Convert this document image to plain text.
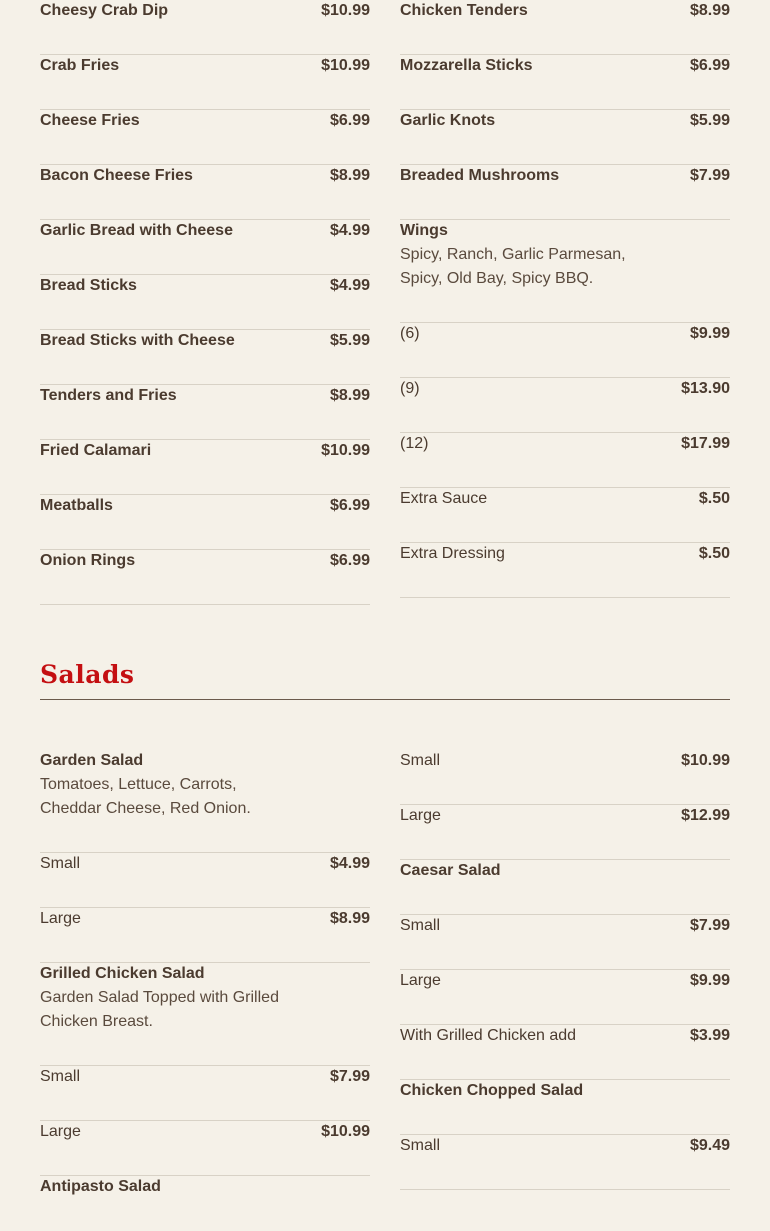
Cheesy Crab Dip	$10.99
Crab Fries	$10.99
Cheese Fries	$6.99
Bacon Cheese Fries	$8.99
Garlic Bread with Cheese	$4.99
Bread Sticks	$4.99
Bread Sticks with Cheese	$5.99
Tenders and Fries	$8.99
Fried Calamari	$10.99
Meatballs	$6.99
Onion Rings	$6.99
Chicken Tenders	$8.99
Mozzarella Sticks	$6.99
Garlic Knots	$5.99
Breaded Mushrooms	$7.99
Wings
Spicy, Ranch, Garlic Parmesan, Spicy, Old Bay, Spicy BBQ.
(6)	$9.99
(9)	$13.90
(12)	$17.99
Extra Sauce	$.50
Extra Dressing	$.50
Salads
Garden Salad
Tomatoes, Lettuce, Carrots, Cheddar Cheese, Red Onion.
Small	$4.99
Large	$8.99
Grilled Chicken Salad
Garden Salad Topped with Grilled Chicken Breast.
Small	$7.99
Large	$10.99
Antipasto Salad
Small	$10.99
Large	$12.99
Caesar Salad
Small	$7.99
Large	$9.99
With Grilled Chicken add	$3.99
Chicken Chopped Salad
Small	$9.49
